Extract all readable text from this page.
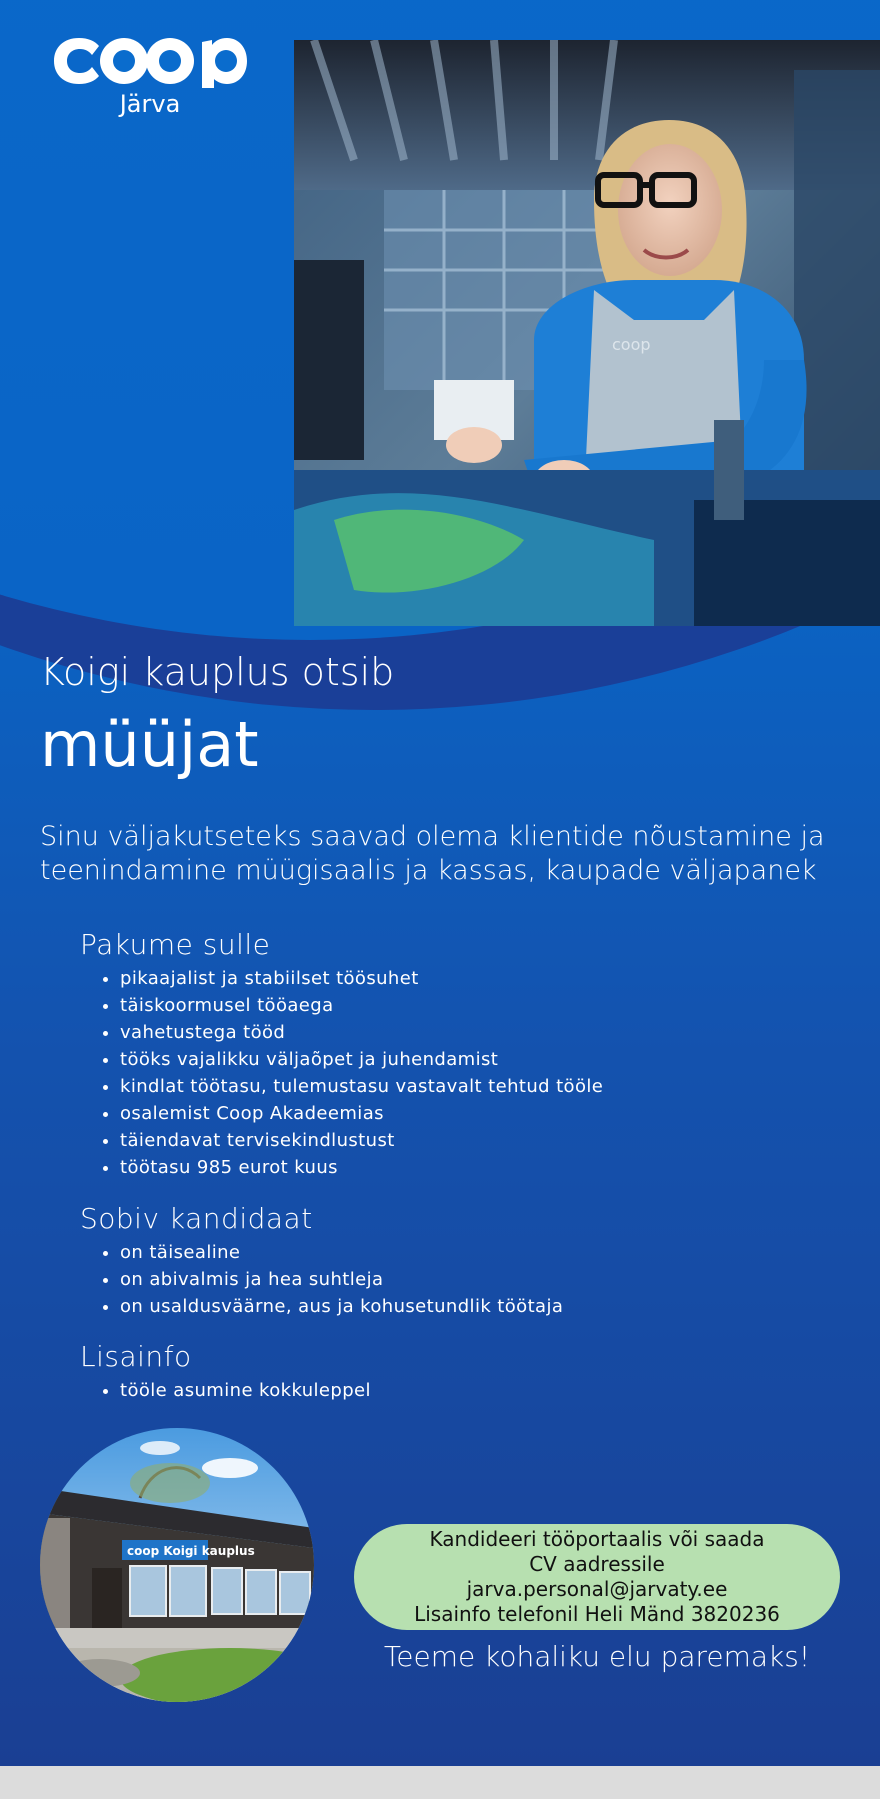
Järva
coop
Koigi kauplus otsib
müüjat
Sinu väljakutseteks saavad olema klientide nõustamine ja teenindamine müügisaalis ja kassas, kaupade väljapanek
Pakume sulle
• pikaajalist ja stabiilset töösuhet
• täiskoormusel tööaega
• vahetustega tööd
• tööks vajalikku väljaõpet ja juhendamist
• kindlat töötasu, tulemustasu vastavalt tehtud tööle
• osalemist Coop Akadeemias
• täiendavat tervisekindlustust
• töötasu 985 eurot kuus
Sobiv kandidaat
• on täisealine
• on abivalmis ja hea suhtleja
• on usaldusväärne, aus ja kohusetundlik töötaja
Lisainfo
• tööle asumine kokkuleppel
coop Koigi kauplus	Kandideeri tööportaalis või saada
CV aadressile
jarva.personal@jarvaty.ee
Lisainfo telefonil Heli Mänd 3820236
Teeme kohaliku elu paremaks!
